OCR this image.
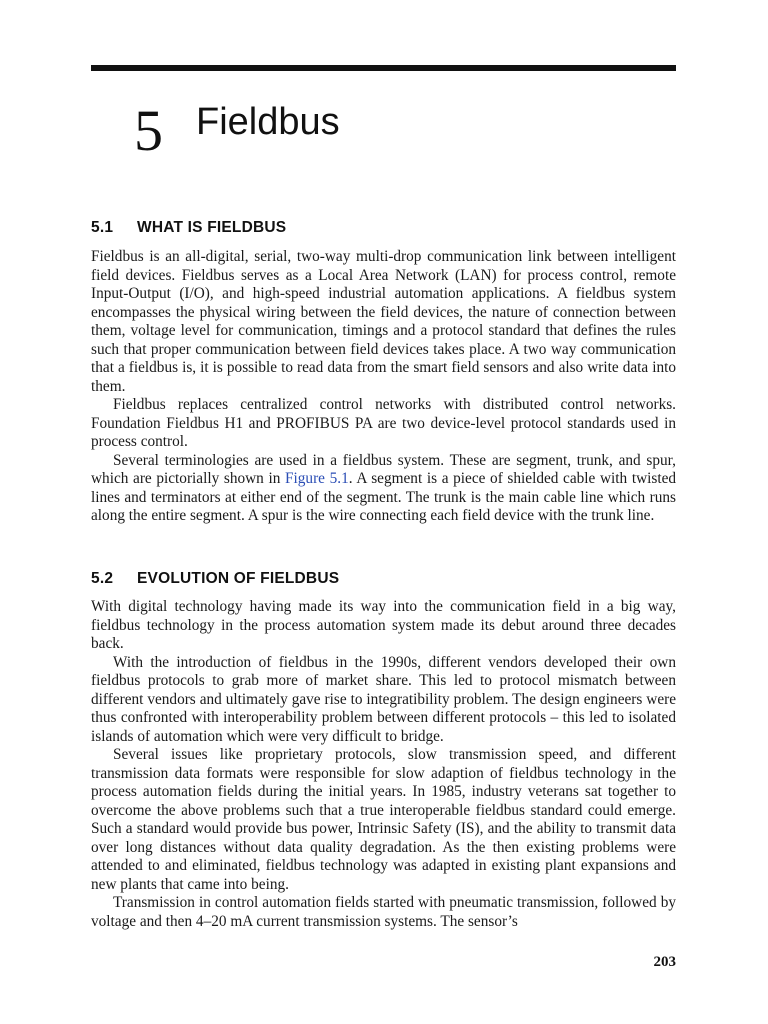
5 Fieldbus
5.1 WHAT IS FIELDBUS

Fieldbus is an all-digital, serial, two-way multi-drop communication link between intelligent field devices. Fieldbus serves as a Local Area Network (LAN) for process control, remote Input-Output (I/O), and high-speed industrial automation applications. A fieldbus system encompasses the physical wiring between the field devices, the nature of connection between them, voltage level for communication, timings and a protocol standard that defines the rules such that proper communication between field devices takes place. A two way communication that a fieldbus is, it is possible to read data from the smart field sensors and also write data into them.

Fieldbus replaces centralized control networks with distributed control networks. Foundation Fieldbus H1 and PROFIBUS PA are two device-level protocol standards used in process control.

Several terminologies are used in a fieldbus system. These are segment, trunk, and spur, which are pictorially shown in Figure 5.1. A segment is a piece of shielded cable with twisted lines and terminators at either end of the segment. The trunk is the main cable line which runs along the entire segment. A spur is the wire connecting each field device with the trunk line.

5.2 EVOLUTION OF FIELDBUS

With digital technology having made its way into the communication field in a big way, fieldbus technology in the process automation system made its debut around three decades back.

With the introduction of fieldbus in the 1990s, different vendors developed their own fieldbus protocols to grab more of market share. This led to protocol mismatch between different vendors and ultimately gave rise to integratibility problem. The design engineers were thus confronted with interoperability problem between different protocols – this led to isolated islands of automation which were very difficult to bridge.

Several issues like proprietary protocols, slow transmission speed, and different transmission data formats were responsible for slow adaption of fieldbus technology in the process automation fields during the initial years. In 1985, industry veterans sat together to overcome the above problems such that a true interoperable fieldbus standard could emerge. Such a standard would provide bus power, Intrinsic Safety (IS), and the ability to transmit data over long distances without data quality degradation. As the then existing problems were attended to and eliminated, fieldbus technology was adapted in existing plant expansions and new plants that came into being.

Transmission in control automation fields started with pneumatic transmission, followed by voltage and then 4–20 mA current transmission systems. The sensor’s

203
